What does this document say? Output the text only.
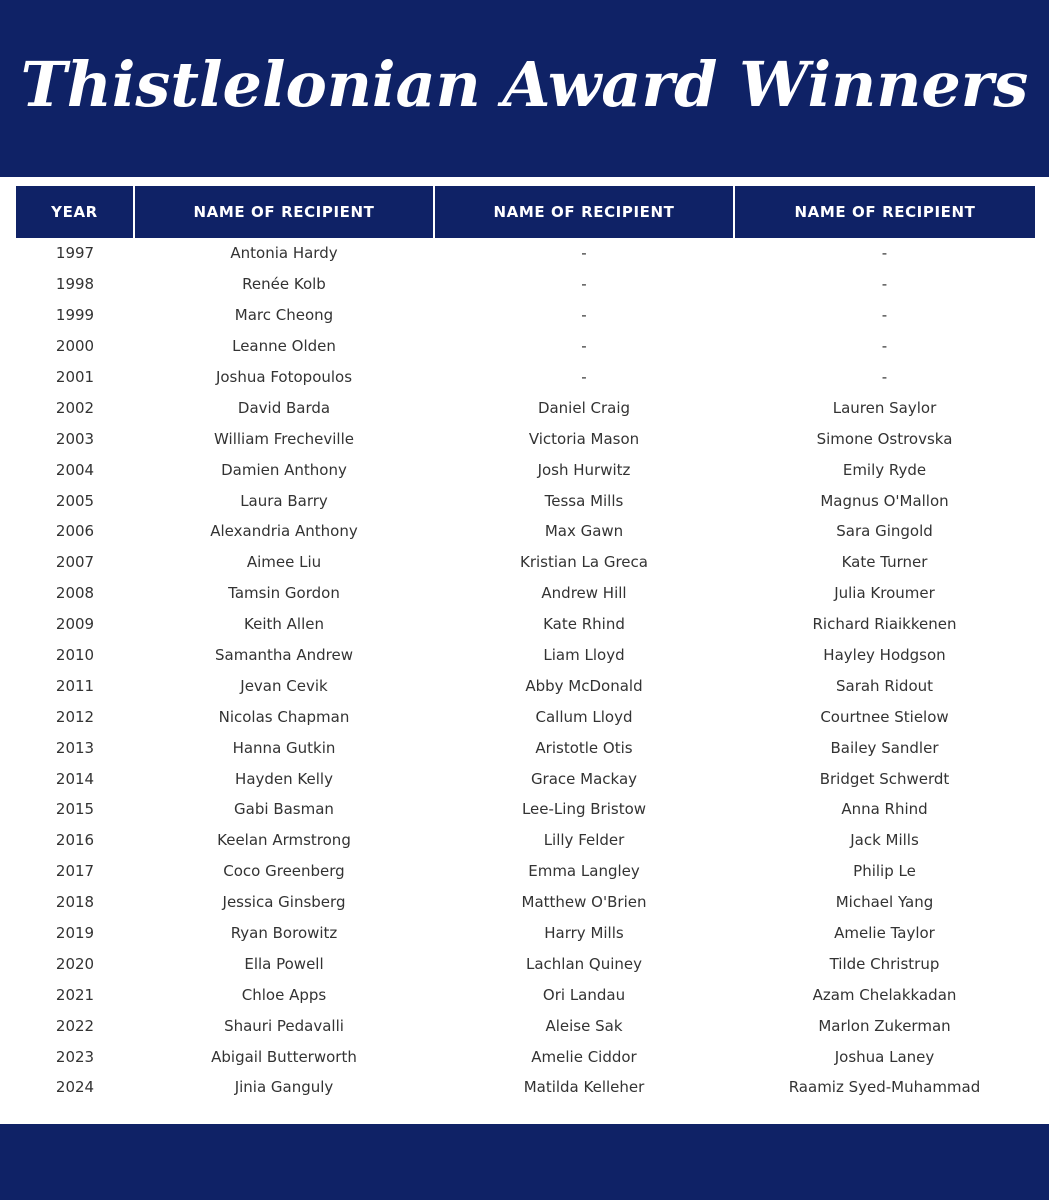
Thistlelonian Award Winners
YEAR	NAME OF RECIPIENT	NAME OF RECIPIENT	NAME OF RECIPIENT
1997	Antonia Hardy	-	-
1998	Renée Kolb	-	-
1999	Marc Cheong	-	-
2000	Leanne Olden	-	-
2001	Joshua Fotopoulos	-	-
2002	David Barda	Daniel Craig	Lauren Saylor
2003	William Frecheville	Victoria Mason	Simone Ostrovska
2004	Damien Anthony	Josh Hurwitz	Emily Ryde
2005	Laura Barry	Tessa Mills	Magnus O'Mallon
2006	Alexandria Anthony	Max Gawn	Sara Gingold
2007	Aimee Liu	Kristian La Greca	Kate Turner
2008	Tamsin Gordon	Andrew Hill	Julia Kroumer
2009	Keith Allen	Kate Rhind	Richard Riaikkenen
2010	Samantha Andrew	Liam Lloyd	Hayley Hodgson
2011	Jevan Cevik	Abby McDonald	Sarah Ridout
2012	Nicolas Chapman	Callum Lloyd	Courtnee Stielow
2013	Hanna Gutkin	Aristotle Otis	Bailey Sandler
2014	Hayden Kelly	Grace Mackay	Bridget Schwerdt
2015	Gabi Basman	Lee-Ling Bristow	Anna Rhind
2016	Keelan Armstrong	Lilly Felder	Jack Mills
2017	Coco Greenberg	Emma Langley	Philip Le
2018	Jessica Ginsberg	Matthew O'Brien	Michael Yang
2019	Ryan Borowitz	Harry Mills	Amelie Taylor
2020	Ella Powell	Lachlan Quiney	Tilde Christrup
2021	Chloe Apps	Ori Landau	Azam Chelakkadan
2022	Shauri Pedavalli	Aleise Sak	Marlon Zukerman
2023	Abigail Butterworth	Amelie Ciddor	Joshua Laney
2024	Jinia Ganguly	Matilda Kelleher	Raamiz Syed-Muhammad
